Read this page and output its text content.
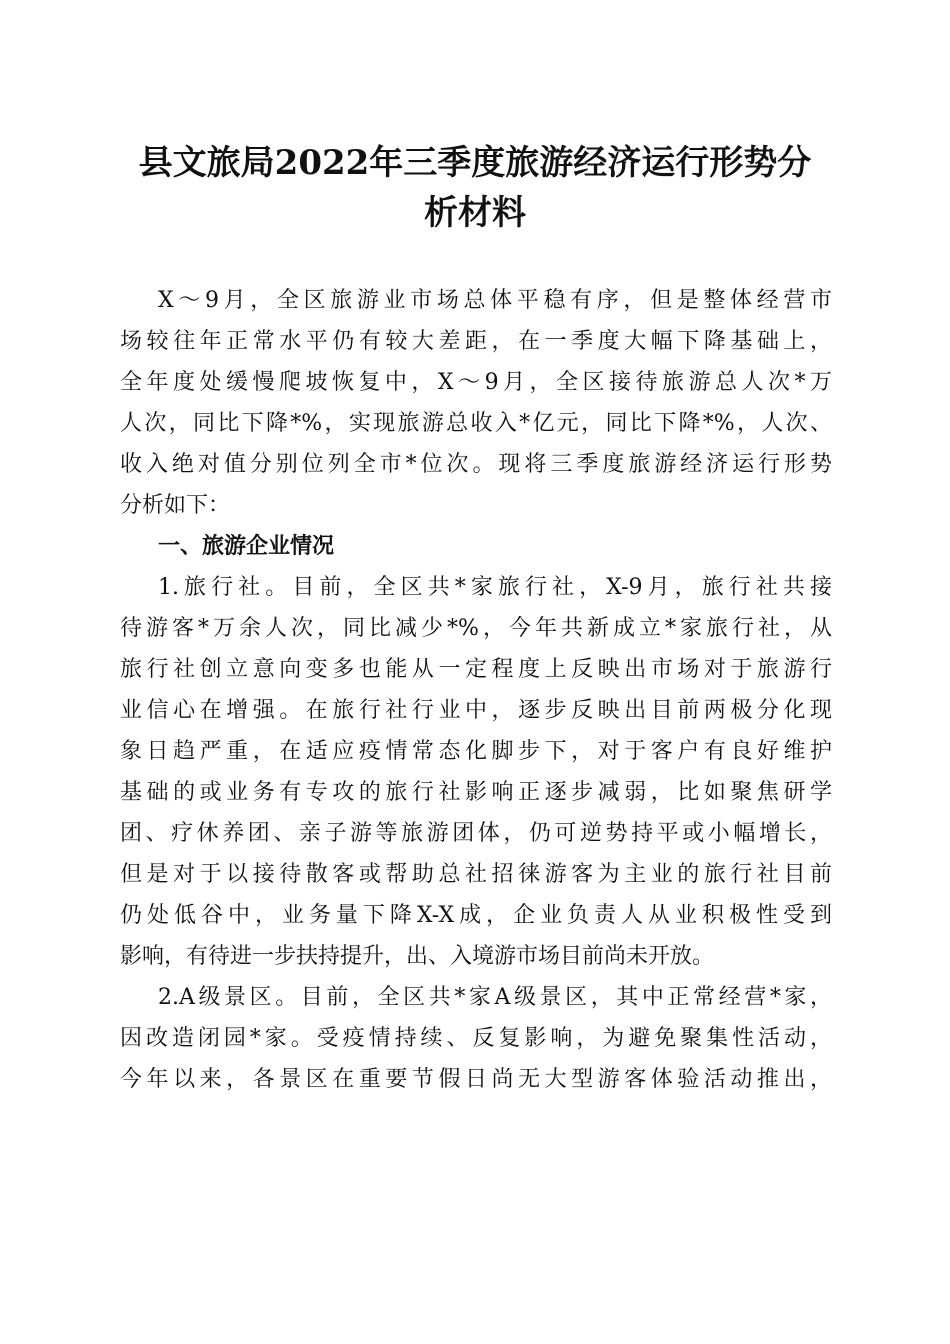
县文旅局2022年三季度旅游经济运行形势分
析材料
X～9月，全区旅游业市场总体平稳有序，但是整体经营市
场较往年正常水平仍有较大差距，在一季度大幅下降基础上，
全年度处缓慢爬坡恢复中，X～9月，全区接待旅游总人次*万
人次，同比下降*%，实现旅游总收入*亿元，同比下降*%，人次、
收入绝对值分别位列全市*位次。现将三季度旅游经济运行形势
分析如下：
一、旅游企业情况
1.旅行社。目前，全区共*家旅行社，X-9月，旅行社共接
待游客*万余人次，同比减少*%，今年共新成立*家旅行社，从
旅行社创立意向变多也能从一定程度上反映出市场对于旅游行
业信心在增强。在旅行社行业中，逐步反映出目前两极分化现
象日趋严重，在适应疫情常态化脚步下，对于客户有良好维护
基础的或业务有专攻的旅行社影响正逐步减弱，比如聚焦研学
团、疗休养团、亲子游等旅游团体，仍可逆势持平或小幅增长，
但是对于以接待散客或帮助总社招徕游客为主业的旅行社目前
仍处低谷中，业务量下降X-X成，企业负责人从业积极性受到
影响，有待进一步扶持提升，出、入境游市场目前尚未开放。
2.A级景区。目前，全区共*家A级景区，其中正常经营*家，
因改造闭园*家。受疫情持续、反复影响，为避免聚集性活动，
今年以来，各景区在重要节假日尚无大型游客体验活动推出，
